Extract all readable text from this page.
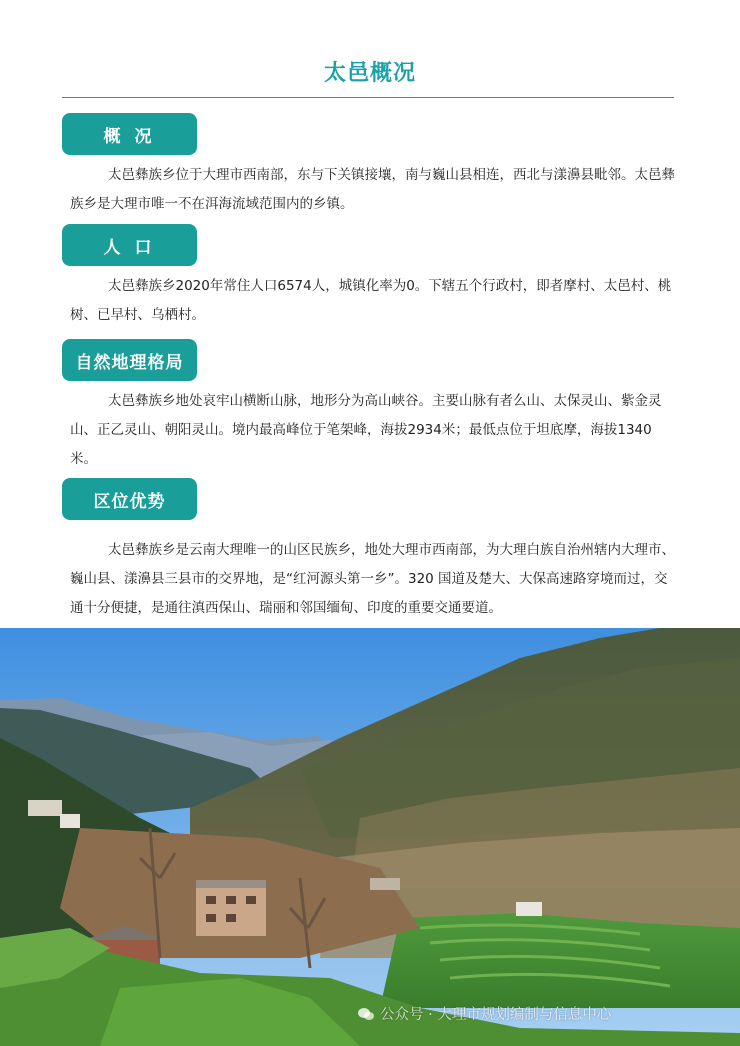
太邑概况
概 况

太邑彝族乡位于大理市西南部，东与下关镇接壤，南与巍山县相连，西北与漾濞县毗邻。太邑彝族乡是大理市唯一不在洱海流域范围内的乡镇。

人 口

太邑彝族乡2020年常住人口6574人，城镇化率为0。下辖五个行政村，即者摩村、太邑村、桃树、已早村、乌栖村。

自然地理格局

太邑彝族乡地处哀牢山横断山脉，地形分为高山峡谷。主要山脉有者么山、太保灵山、紫金灵山、正乙灵山、朝阳灵山。境内最高峰位于笔架峰，海拔2934米；最低点位于坦底摩，海拔1340米。

区位优势

太邑彝族乡是云南大理唯一的山区民族乡，地处大理市西南部，为大理白族自治州辖内大理市、巍山县、漾濞县三县市的交界地，是“红河源头第一乡”。320 国道及楚大、大保高速路穿境而过，交通十分便捷，是通往滇西保山、瑞丽和邻国缅甸、印度的重要交通要道。

公众号 · 大理市规划编制与信息中心
